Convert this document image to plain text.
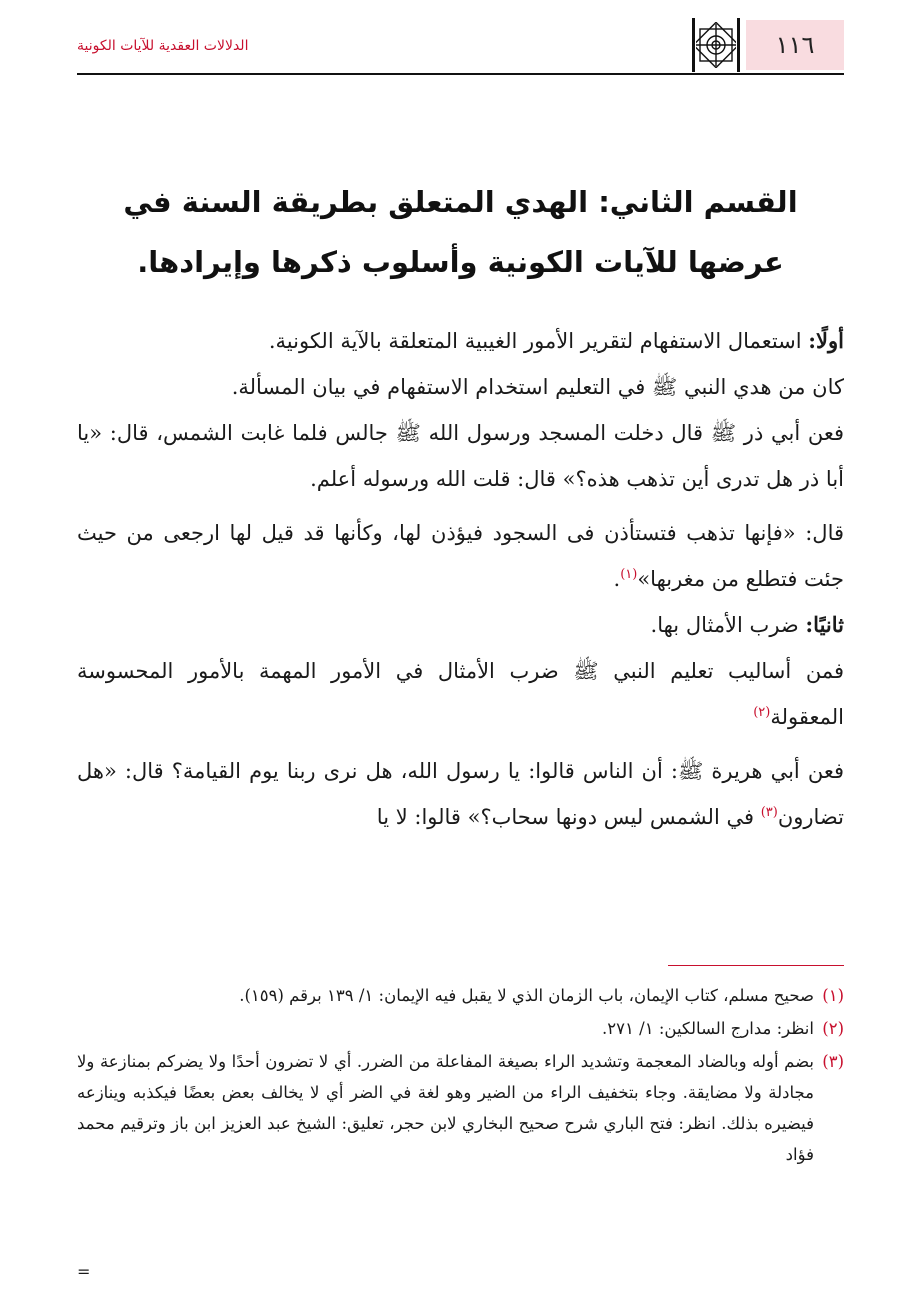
١١٦
الدلالات العقدية للآيات الكونية
القسم الثاني: الهدي المتعلق بطريقة السنة في
عرضها للآيات الكونية وأسلوب ذكرها وإيرادها.

أولًا: استعمال الاستفهام لتقرير الأمور الغيبية المتعلقة بالآية الكونية.

كان من هدي النبي ﷺ في التعليم استخدام الاستفهام في بيان المسألة.

فعن أبي ذر ﷺ قال دخلت المسجد ورسول الله ﷺ جالس فلما غابت الشمس، قال: «يا أبا ذر هل تدرى أين تذهب هذه؟» قال: قلت الله ورسوله أعلم.

قال: «فإنها تذهب فتستأذن فى السجود فيؤذن لها، وكأنها قد قيل لها ارجعى من حيث جئت فتطلع من مغربها»$^{(١)}$.

ثانيًا: ضرب الأمثال بها.

فمن أساليب تعليم النبي ﷺ ضرب الأمثال في الأمور المهمة بالأمور المحسوسة المعقولة$^{(٢)}$

فعن أبي هريرة ﷺ: أن الناس قالوا: يا رسول الله، هل نرى ربنا يوم القيامة؟ قال: «هل تضارون$^{(٣)}$ في الشمس ليس دونها سحاب؟» قالوا: لا يا

(١)
صحيح مسلم، كتاب الإيمان، باب الزمان الذي لا يقبل فيه الإيمان: ١/ ١٣٩ برقم (١٥٩).
(٢)
انظر: مدارج السالكين: ١/ ٢٧١.
(٣)
بضم أوله وبالضاد المعجمة وتشديد الراء بصيغة المفاعلة من الضرر. أي لا تضرون أحدًا ولا يضركم بمنازعة ولا مجادلة ولا مضايقة. وجاء بتخفيف الراء من الضير وهو لغة في الضر أي لا يخالف بعض بعضًا فيكذبه وينازعه فيضيره بذلك. انظر: فتح الباري شرح صحيح البخاري لابن حجر، تعليق: الشيخ عبد العزيز ابن باز وترقيم محمد فؤاد
=
